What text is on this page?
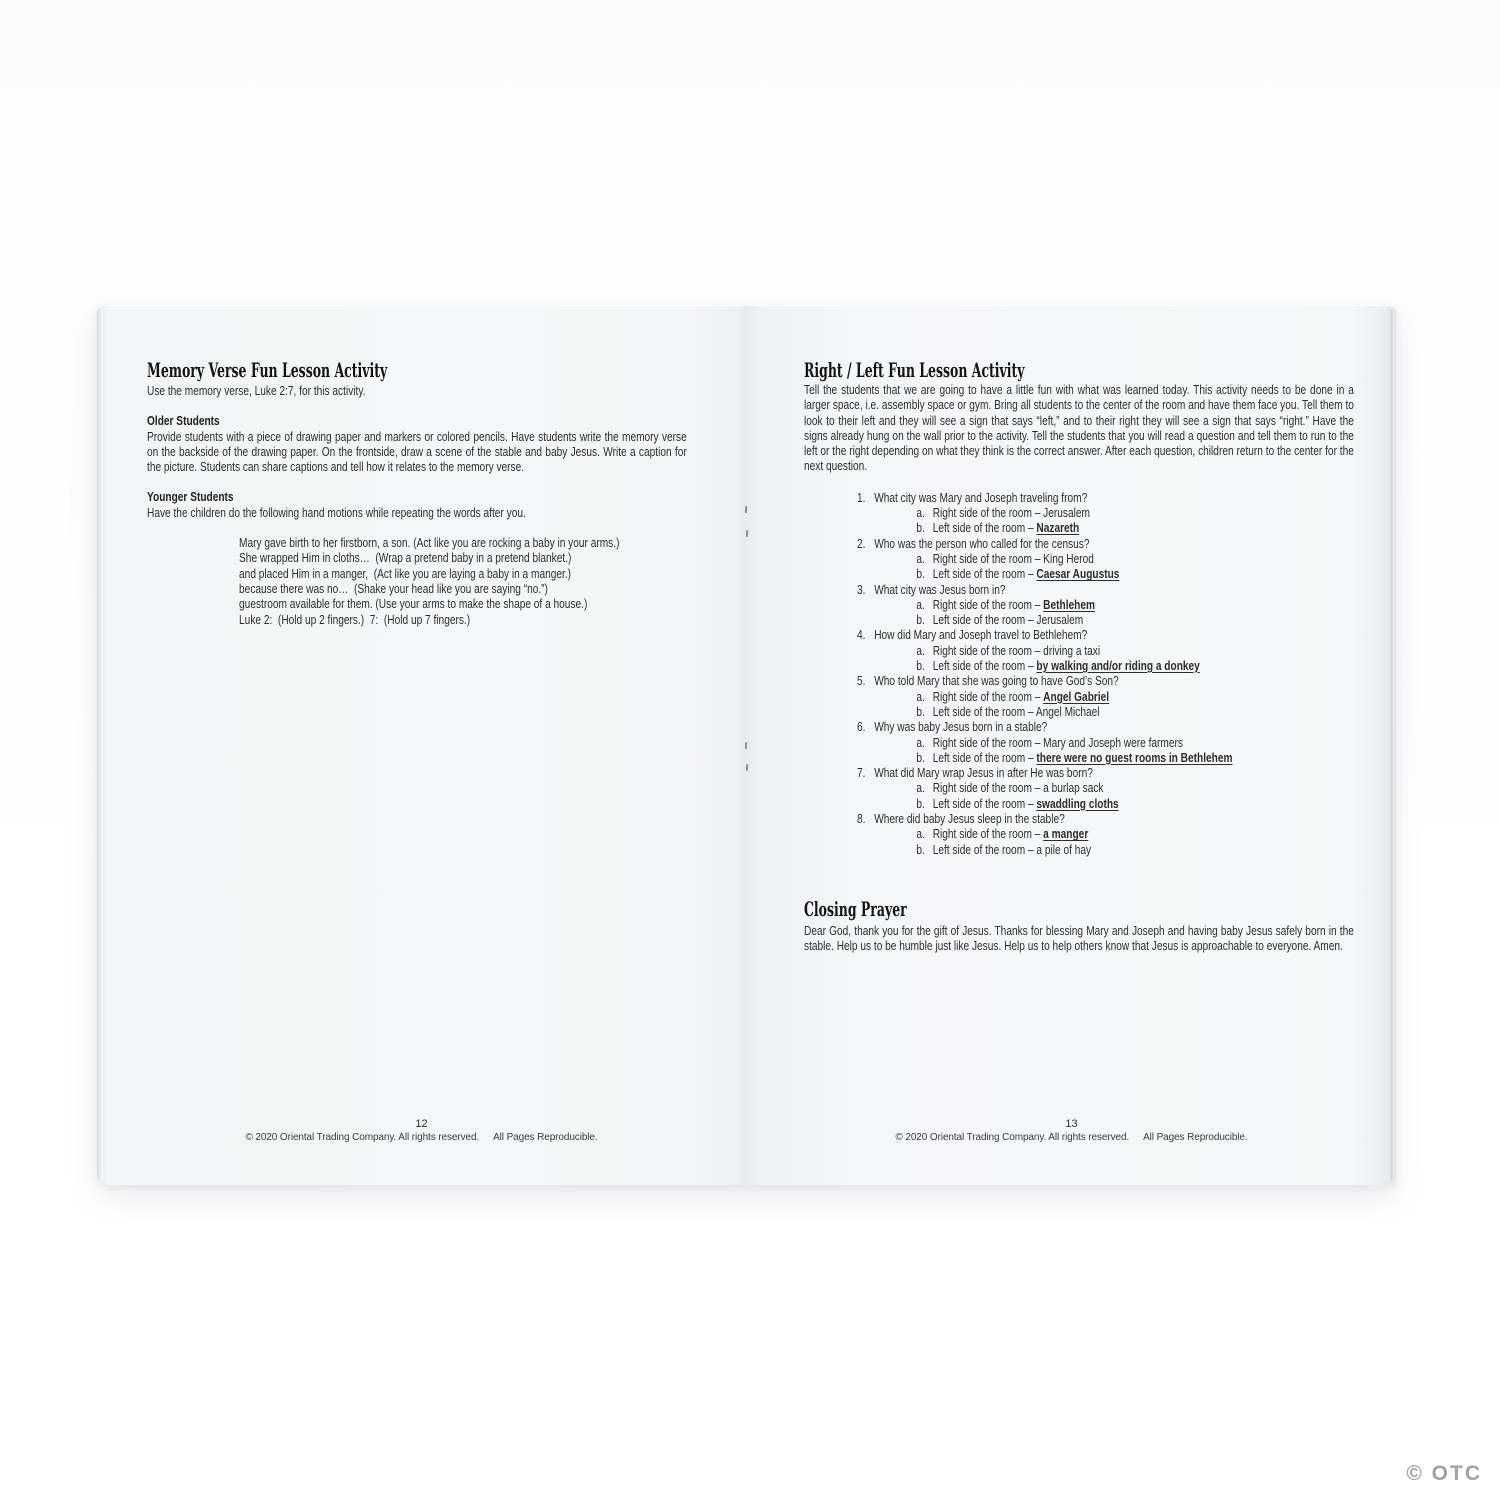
Memory Verse Fun Lesson Activity
Use the memory verse, Luke 2:7, for this activity.
Older Students
Provide students with a piece of drawing paper and markers or colored pencils. Have students write the memory verse on the backside of the drawing paper. On the frontside, draw a scene of the stable and baby Jesus. Write a caption for the picture. Students can share captions and tell how it relates to the memory verse.
Younger Students
Have the children do the following hand motions while repeating the words after you.
Mary gave birth to her firstborn, a son. (Act like you are rocking a baby in your arms.)
She wrapped Him in cloths…  (Wrap a pretend baby in a pretend blanket.)
and placed Him in a manger,  (Act like you are laying a baby in a manger.)
because there was no…  (Shake your head like you are saying “no.”)
guestroom available for them. (Use your arms to make the shape of a house.)
Luke 2:  (Hold up 2 fingers.)  7:  (Hold up 7 fingers.)
12
© 2020 Oriental Trading Company. All rights reserved. All Pages Reproducible.
Right / Left Fun Lesson Activity
Tell the students that we are going to have a little fun with what was learned today. This activity needs to be done in a larger space, i.e. assembly space or gym. Bring all students to the center of the room and have them face you. Tell them to look to their left and they will see a sign that says “left,” and to their right they will see a sign that says “right.” Have the signs already hung on the wall prior to the activity. Tell the students that you will read a question and tell them to run to the left or the right depending on what they think is the correct answer. After each question, children return to the center for the next question.
1. What city was Mary and Joseph traveling from?
a. Right side of the room – Jerusalem
b. Left side of the room – Nazareth
2. Who was the person who called for the census?
a. Right side of the room – King Herod
b. Left side of the room – Caesar Augustus
3. What city was Jesus born in?
a. Right side of the room – Bethlehem
b. Left side of the room – Jerusalem
4. How did Mary and Joseph travel to Bethlehem?
a. Right side of the room – driving a taxi
b. Left side of the room – by walking and/or riding a donkey
5. Who told Mary that she was going to have God’s Son?
a. Right side of the room – Angel Gabriel
b. Left side of the room – Angel Michael
6. Why was baby Jesus born in a stable?
a. Right side of the room – Mary and Joseph were farmers
b. Left side of the room – there were no guest rooms in Bethlehem
7. What did Mary wrap Jesus in after He was born?
a. Right side of the room – a burlap sack
b. Left side of the room – swaddling cloths
8. Where did baby Jesus sleep in the stable?
a. Right side of the room – a manger
b. Left side of the room – a pile of hay
Closing Prayer
Dear God, thank you for the gift of Jesus. Thanks for blessing Mary and Joseph and having baby Jesus safely born in the stable. Help us to be humble just like Jesus. Help us to help others know that Jesus is approachable to everyone. Amen.
13
© 2020 Oriental Trading Company. All rights reserved. All Pages Reproducible.
© OTC
